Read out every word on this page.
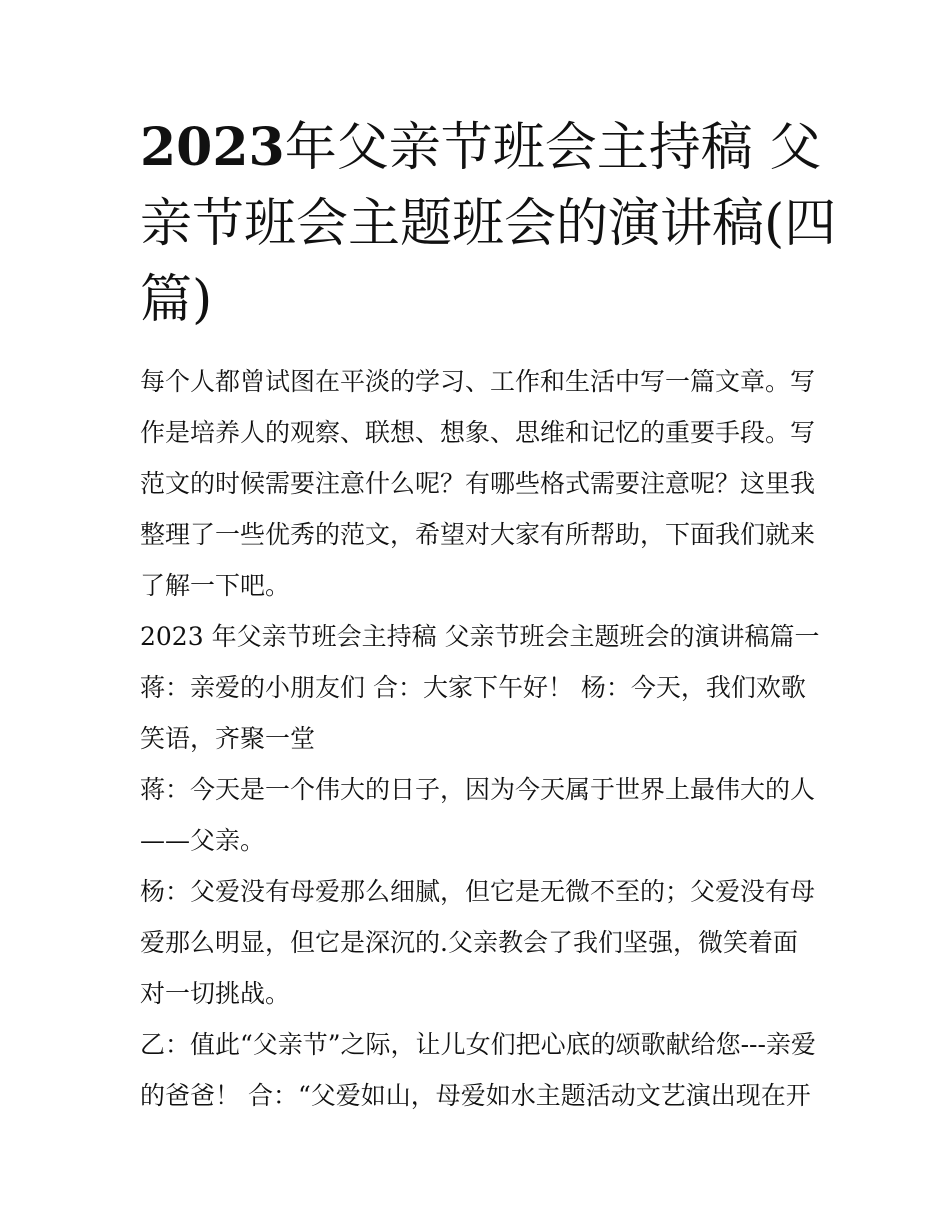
2023年父亲节班会主持稿 父
亲节班会主题班会的演讲稿(四
篇)

每个人都曾试图在平淡的学习、工作和生活中写一篇文章。写
作是培养人的观察、联想、想象、思维和记忆的重要手段。写
范文的时候需要注意什么呢？有哪些格式需要注意呢？这里我
整理了一些优秀的范文，希望对大家有所帮助，下面我们就来
了解一下吧。

2023 年父亲节班会主持稿 父亲节班会主题班会的演讲稿篇一

蒋：亲爱的小朋友们 合：大家下午好！ 杨：今天，我们欢歌
笑语，齐聚一堂

蒋：今天是一个伟大的日子，因为今天属于世界上最伟大的人
——父亲。

杨：父爱没有母爱那么细腻，但它是无微不至的；父爱没有母
爱那么明显，但它是深沉的.父亲教会了我们坚强，微笑着面
对一切挑战。

乙：值此“父亲节”之际，让儿女们把心底的颂歌献给您---亲爱
的爸爸！ 合：“父爱如山，母爱如水主题活动文艺演出现在开
